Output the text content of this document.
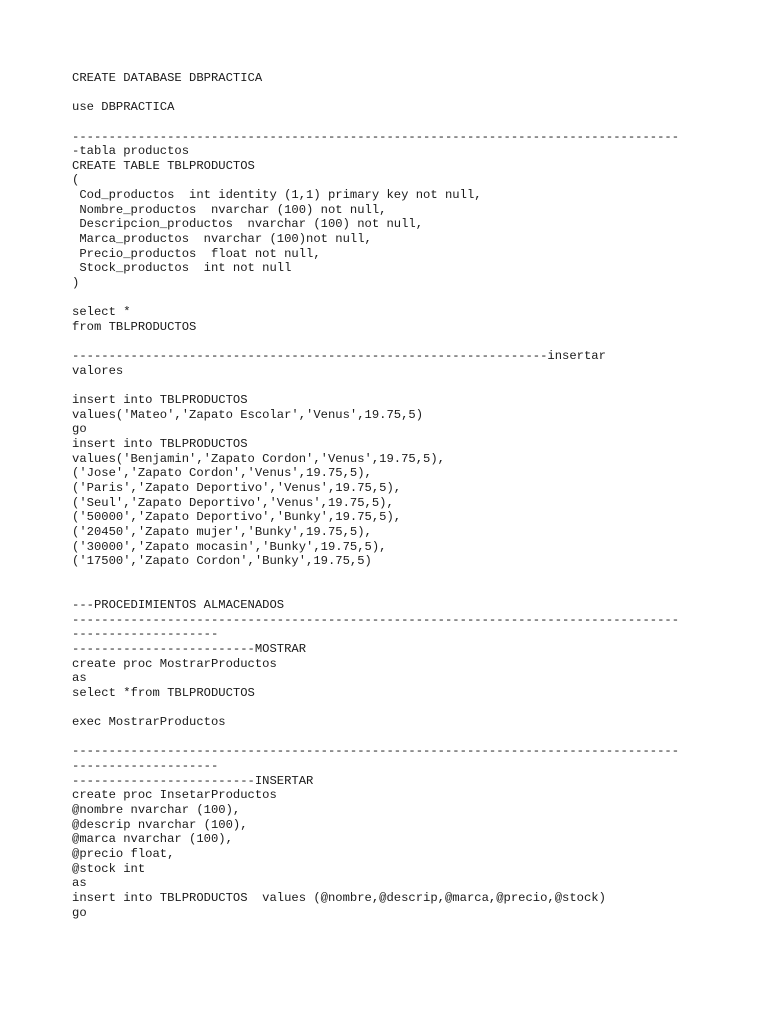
CREATE DATABASE DBPRACTICA
use DBPRACTICA
-----------------------------------------------------------------------------------
-tabla productos
CREATE TABLE TBLPRODUCTOS
(
Cod_productos  int identity (1,1) primary key not null,
Nombre_productos  nvarchar (100) not null,
Descripcion_productos  nvarchar (100) not null,
Marca_productos  nvarchar (100)not null,
Precio_productos  float not null,
Stock_productos  int not null
)
select *
from TBLPRODUCTOS
-----------------------------------------------------------------insertar
valores
insert into TBLPRODUCTOS
values('Mateo','Zapato Escolar','Venus',19.75,5)
go
insert into TBLPRODUCTOS
values('Benjamin','Zapato Cordon','Venus',19.75,5),
('Jose','Zapato Cordon','Venus',19.75,5),
('Paris','Zapato Deportivo','Venus',19.75,5),
('Seul','Zapato Deportivo','Venus',19.75,5),
('50000','Zapato Deportivo','Bunky',19.75,5),
('20450','Zapato mujer','Bunky',19.75,5),
('30000','Zapato mocasin','Bunky',19.75,5),
('17500','Zapato Cordon','Bunky',19.75,5)
---PROCEDIMIENTOS ALMACENADOS
-----------------------------------------------------------------------------------
--------------------
-------------------------MOSTRAR
create proc MostrarProductos
as
select *from TBLPRODUCTOS
exec MostrarProductos
-----------------------------------------------------------------------------------
--------------------
-------------------------INSERTAR
create proc InsetarProductos
@nombre nvarchar (100),
@descrip nvarchar (100),
@marca nvarchar (100),
@precio float,
@stock int
as
insert into TBLPRODUCTOS  values (@nombre,@descrip,@marca,@precio,@stock)
go
